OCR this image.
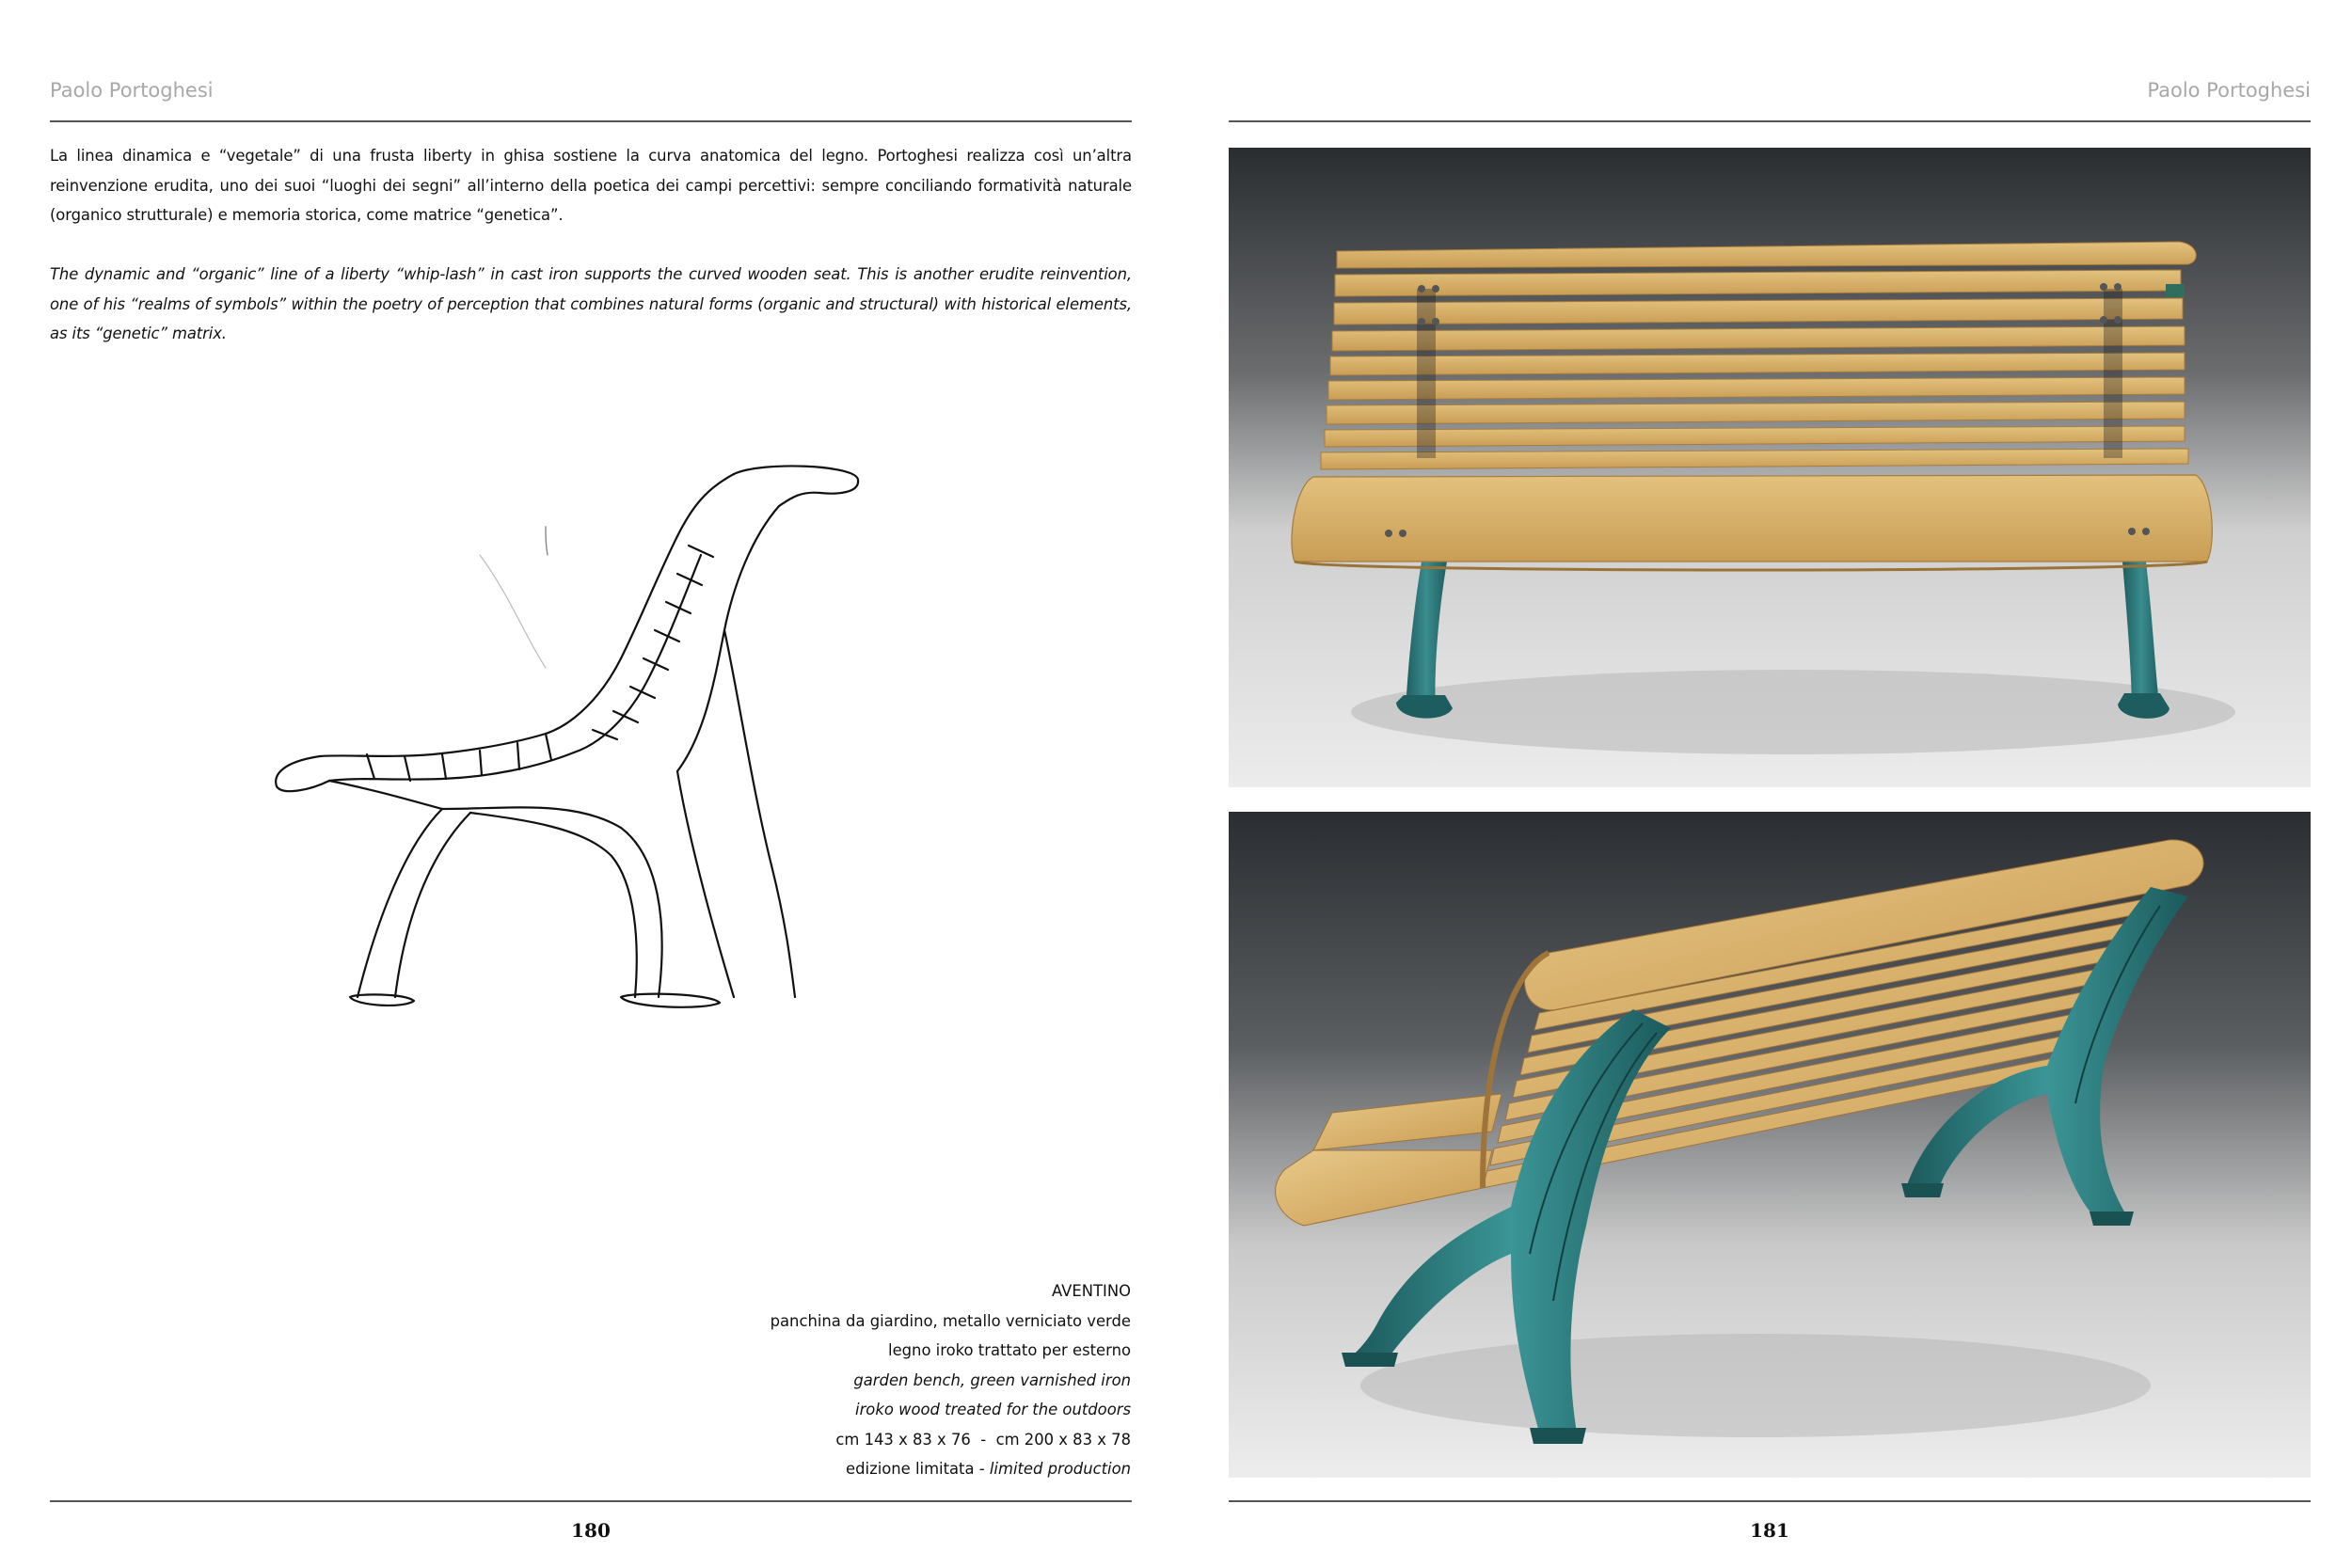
Paolo Portoghesi	Paolo Portoghesi
La linea dinamica e “vegetale” di una frusta liberty in ghisa sostiene la curva anatomica del legno. Portoghesi realizza così un’altra reinvenzione erudita, uno dei suoi “luoghi dei segni” all’interno della poetica dei campi percettivi: sempre conciliando formatività naturale (organico strutturale) e memoria storica, come matrice “genetica”.
The dynamic and “organic” line of a liberty “whip-lash” in cast iron supports the curved wooden seat. This is another erudite reinvention, one of his “realms of symbols” within the poetry of perception that combines natural forms (organic and structural) with historical elements, as its “genetic” matrix.
AVENTINO
panchina da giardino, metallo verniciato verde
legno iroko trattato per esterno
garden bench, green varnished iron
iroko wood treated for the outdoors
cm 143 x 83 x 76  -  cm 200 x 83 x 78
edizione limitata - limited production
180	181
